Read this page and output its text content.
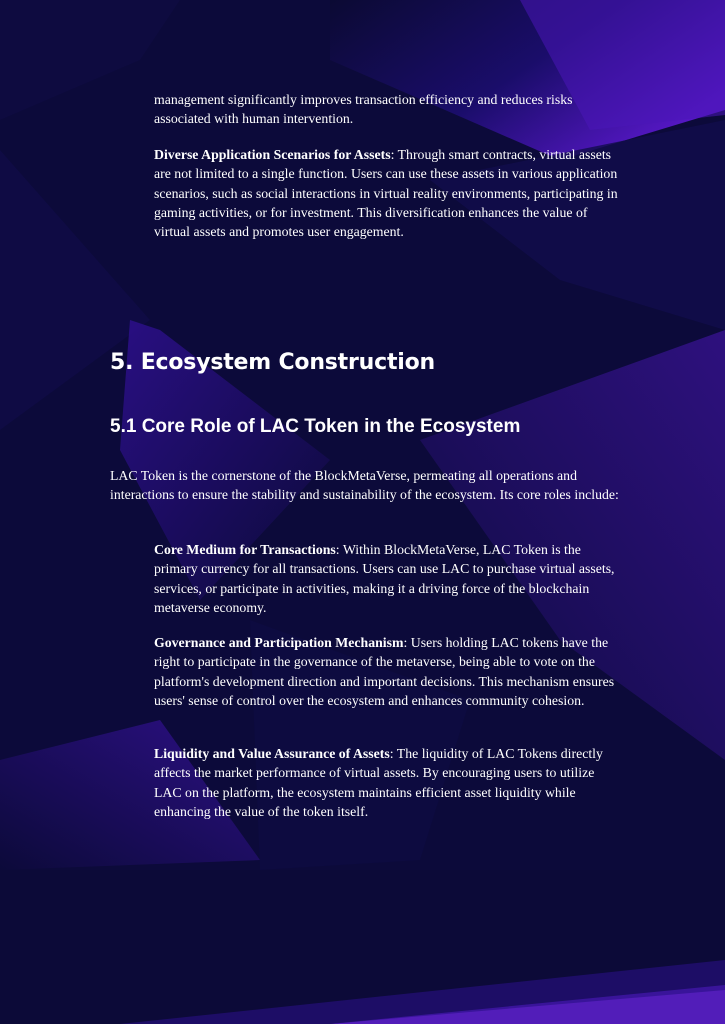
management significantly improves transaction efficiency and reduces risks associated with human intervention.

Diverse Application Scenarios for Assets: Through smart contracts, virtual assets are not limited to a single function. Users can use these assets in various application scenarios, such as social interactions in virtual reality environments, participating in gaming activities, or for investment. This diversification enhances the value of virtual assets and promotes user engagement.

5. Ecosystem Construction
5.1 Core Role of LAC Token in the Ecosystem

LAC Token is the cornerstone of the BlockMetaVerse, permeating all operations and interactions to ensure the stability and sustainability of the ecosystem. Its core roles include:

Core Medium for Transactions: Within BlockMetaVerse, LAC Token is the primary currency for all transactions. Users can use LAC to purchase virtual assets, services, or participate in activities, making it a driving force of the blockchain metaverse economy.

Governance and Participation Mechanism: Users holding LAC tokens have the right to participate in the governance of the metaverse, being able to vote on the platform's development direction and important decisions. This mechanism ensures users' sense of control over the ecosystem and enhances community cohesion.

Liquidity and Value Assurance of Assets: The liquidity of LAC Tokens directly affects the market performance of virtual assets. By encouraging users to utilize LAC on the platform, the ecosystem maintains efficient asset liquidity while enhancing the value of the token itself.
